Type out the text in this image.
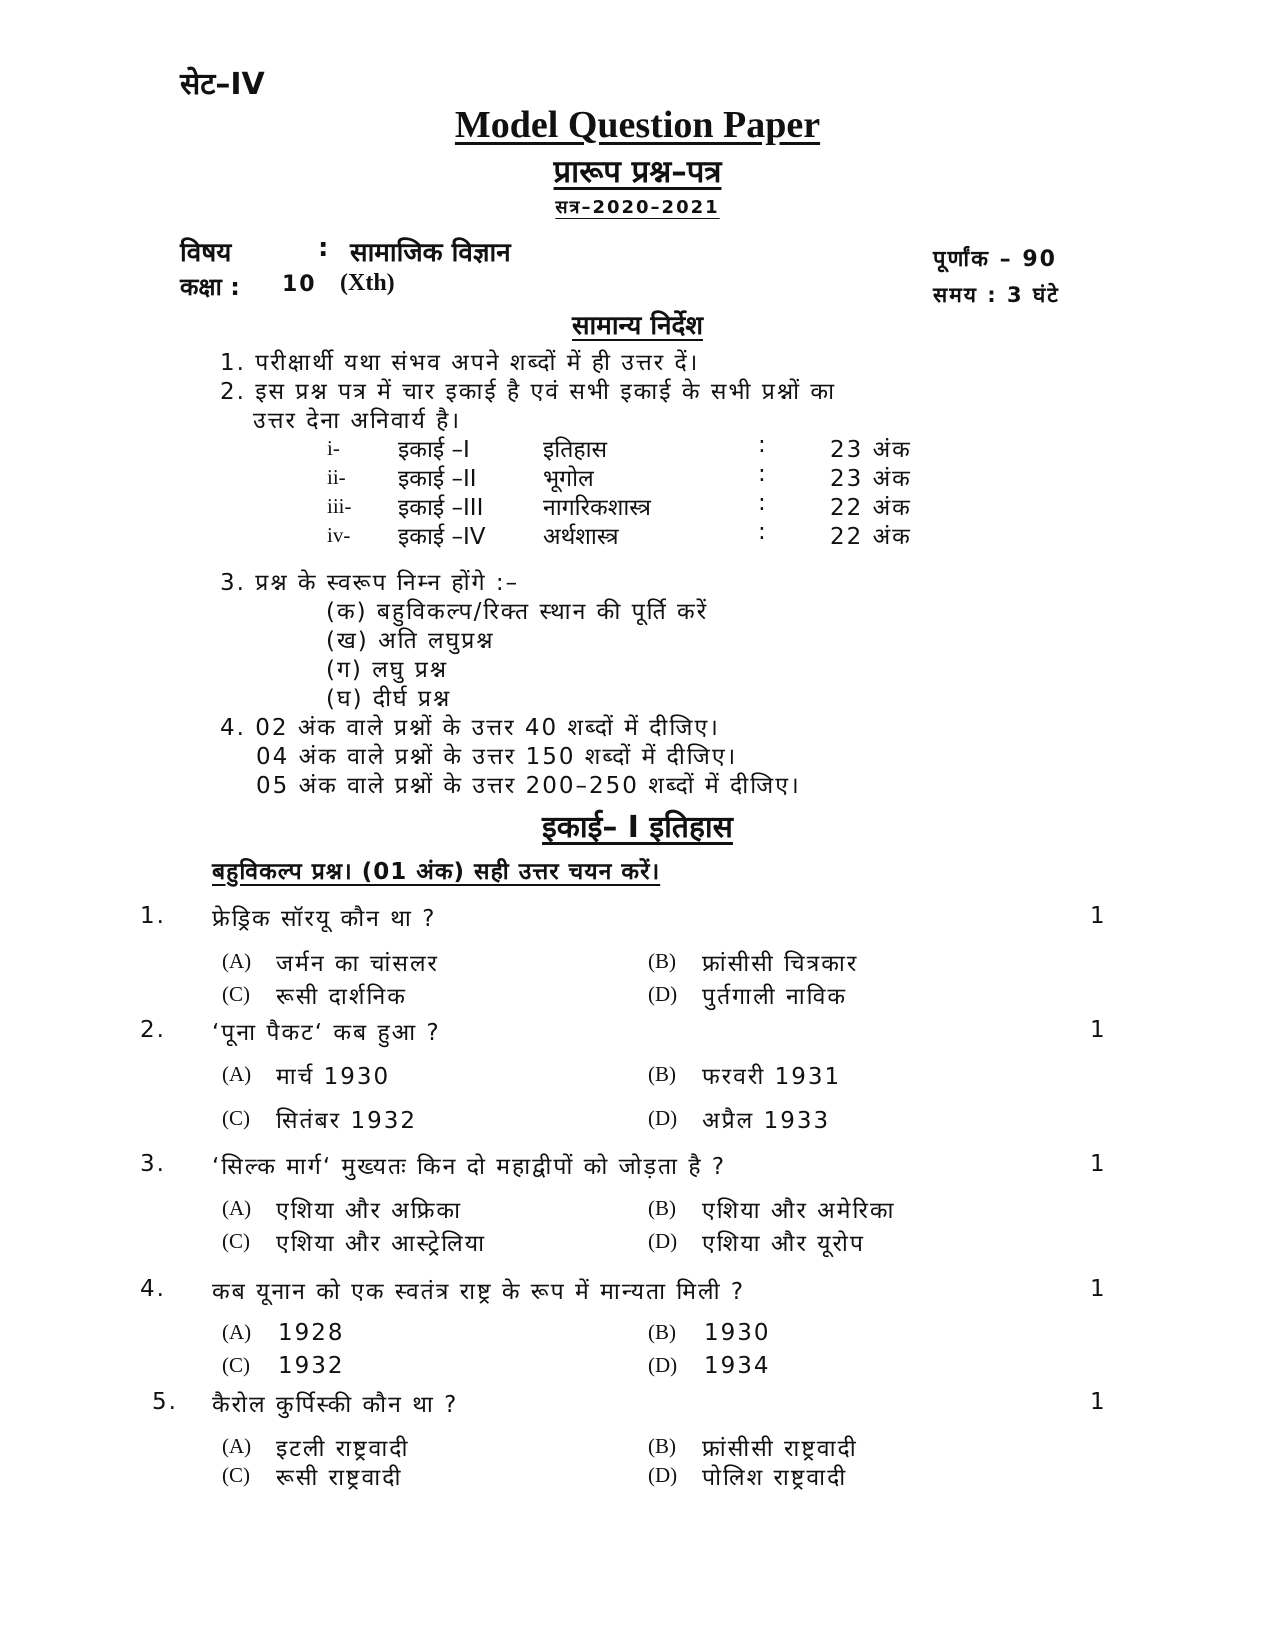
सेट–IV
Model Question Paper
प्रारूप प्रश्न–पत्र
सत्र–2020–2021
विषय	: सामाजिक विज्ञान
कक्षा : 10 (Xth)
पूर्णांक – 90
समय : 3 घंटे
सामान्य निर्देश
1. परीक्षार्थी यथा संभव अपने शब्दों में ही उत्तर दें।
2. इस प्रश्न पत्र में चार इकाई है एवं सभी इकाई के सभी प्रश्नों का
उत्तर देना अनिवार्य है।
i-	इकाई –I	इतिहास	:	23 अंक
ii- इकाई –II	भूगोल	:	23 अंक
iii- इकाई –III	नागरिकशास्त्र	:	22 अंक
iv- इकाई –IV अर्थशास्त्र	:	22 अंक
3. प्रश्न के स्वरूप निम्न होंगे :–
(क) बहुविकल्प/रिक्त स्थान की पूर्ति करें
(ख) अति लघुप्रश्न
(ग) लघु प्रश्न
(घ) दीर्घ प्रश्न
4. 02 अंक वाले प्रश्नों के उत्तर 40 शब्दों में दीजिए।
04 अंक वाले प्रश्नों के उत्तर 150 शब्दों में दीजिए।
05 अंक वाले प्रश्नों के उत्तर 200–250 शब्दों में दीजिए।
इकाई– I इतिहास
बहुविकल्प प्रश्न। (01 अंक) सही उत्तर चयन करें।
1. फ्रेड्रिक सॉरयू कौन था ?	1
(A) जर्मन का चांसलर	(B) फ्रांसीसी चित्रकार
(C) रूसी दार्शनिक	(D) पुर्तगाली नाविक
2. ‘पूना पैकट‘ कब हुआ ?	1
(A) मार्च 1930	(B) फरवरी 1931
(C) सितंबर 1932	(D) अप्रैल 1933
3. ‘सिल्क मार्ग‘ मुख्यतः किन दो महाद्वीपों को जोड़ता है ?	1
(A) एशिया और अफ्रिका	(B) एशिया और अमेरिका
(C) एशिया और आस्ट्रेलिया	(D) एशिया और यूरोप
4. कब यूनान को एक स्वतंत्र राष्ट्र के रूप में मान्यता मिली ?	1
(A) 1928	(B) 1930
(C) 1932	(D) 1934
5. कैरोल कुर्पिस्की कौन था ?	1
(A) इटली राष्ट्रवादी	(B) फ्रांसीसी राष्ट्रवादी
(C) रूसी राष्ट्रवादी	(D) पोलिश राष्ट्रवादी
